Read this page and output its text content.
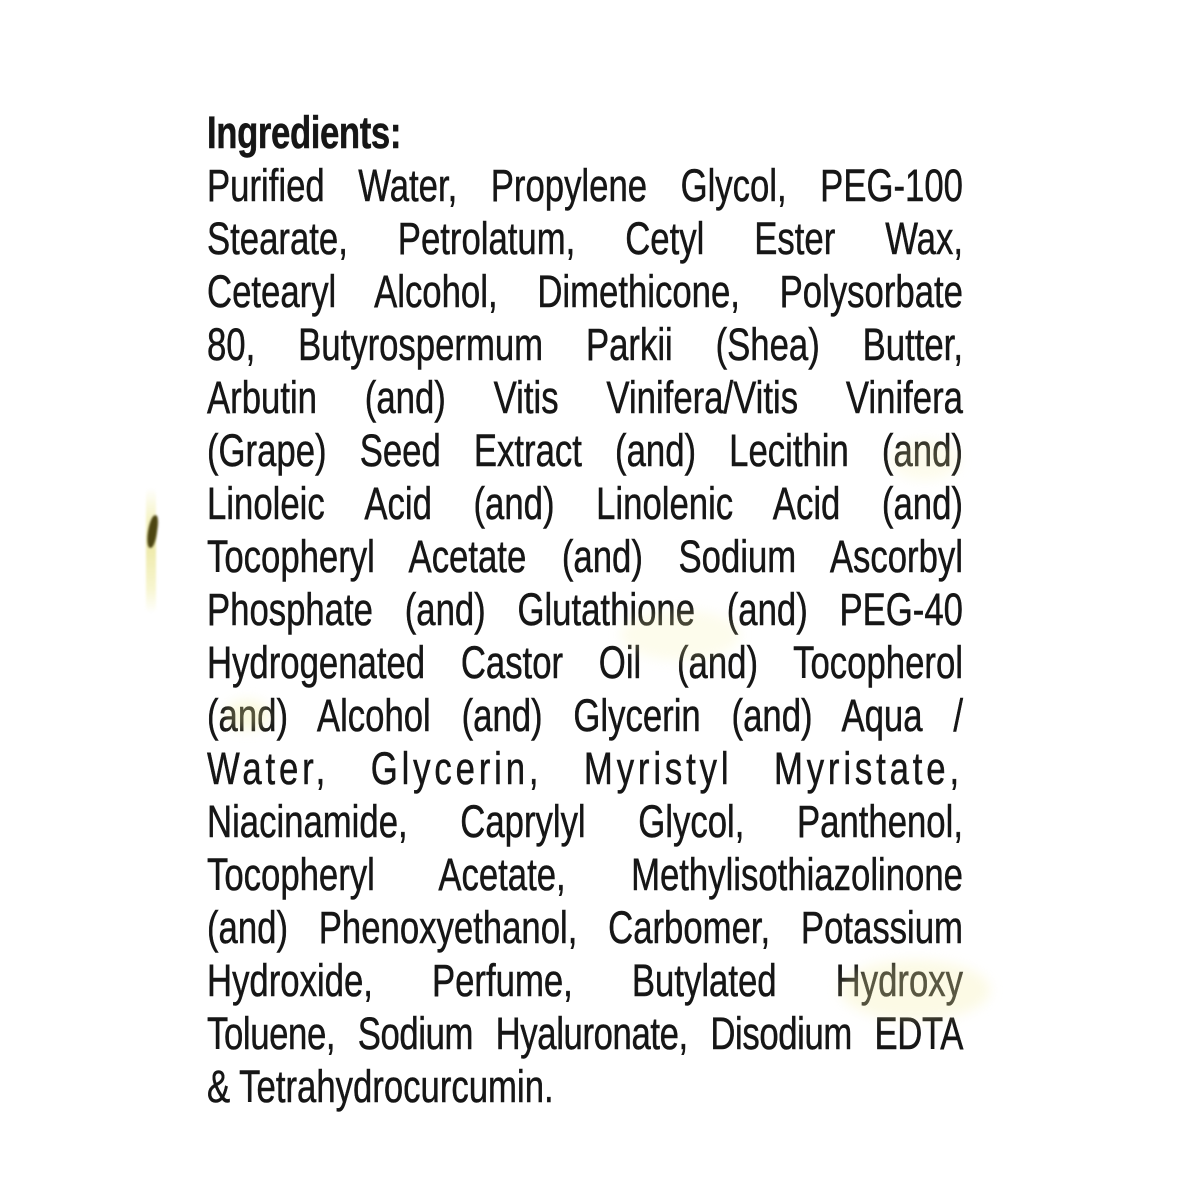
Ingredients:
Purified Water, Propylene Glycol, PEG-100
Stearate, Petrolatum, Cetyl Ester Wax,
Cetearyl Alcohol, Dimethicone, Polysorbate
80, Butyrospermum Parkii (Shea) Butter,
Arbutin (and) Vitis Vinifera/Vitis Vinifera
(Grape) Seed Extract (and) Lecithin (and)
Linoleic Acid (and) Linolenic Acid (and)
Tocopheryl Acetate (and) Sodium Ascorbyl
Phosphate (and) Glutathione (and) PEG-40
Hydrogenated Castor Oil (and) Tocopherol
(and) Alcohol (and) Glycerin (and) Aqua /
Water, Glycerin, Myristyl Myristate,
Niacinamide, Caprylyl Glycol, Panthenol,
Tocopheryl Acetate, Methylisothiazolinone
(and) Phenoxyethanol, Carbomer, Potassium
Hydroxide, Perfume, Butylated Hydroxy
Toluene, Sodium Hyaluronate, Disodium EDTA
& Tetrahydrocurcumin.
